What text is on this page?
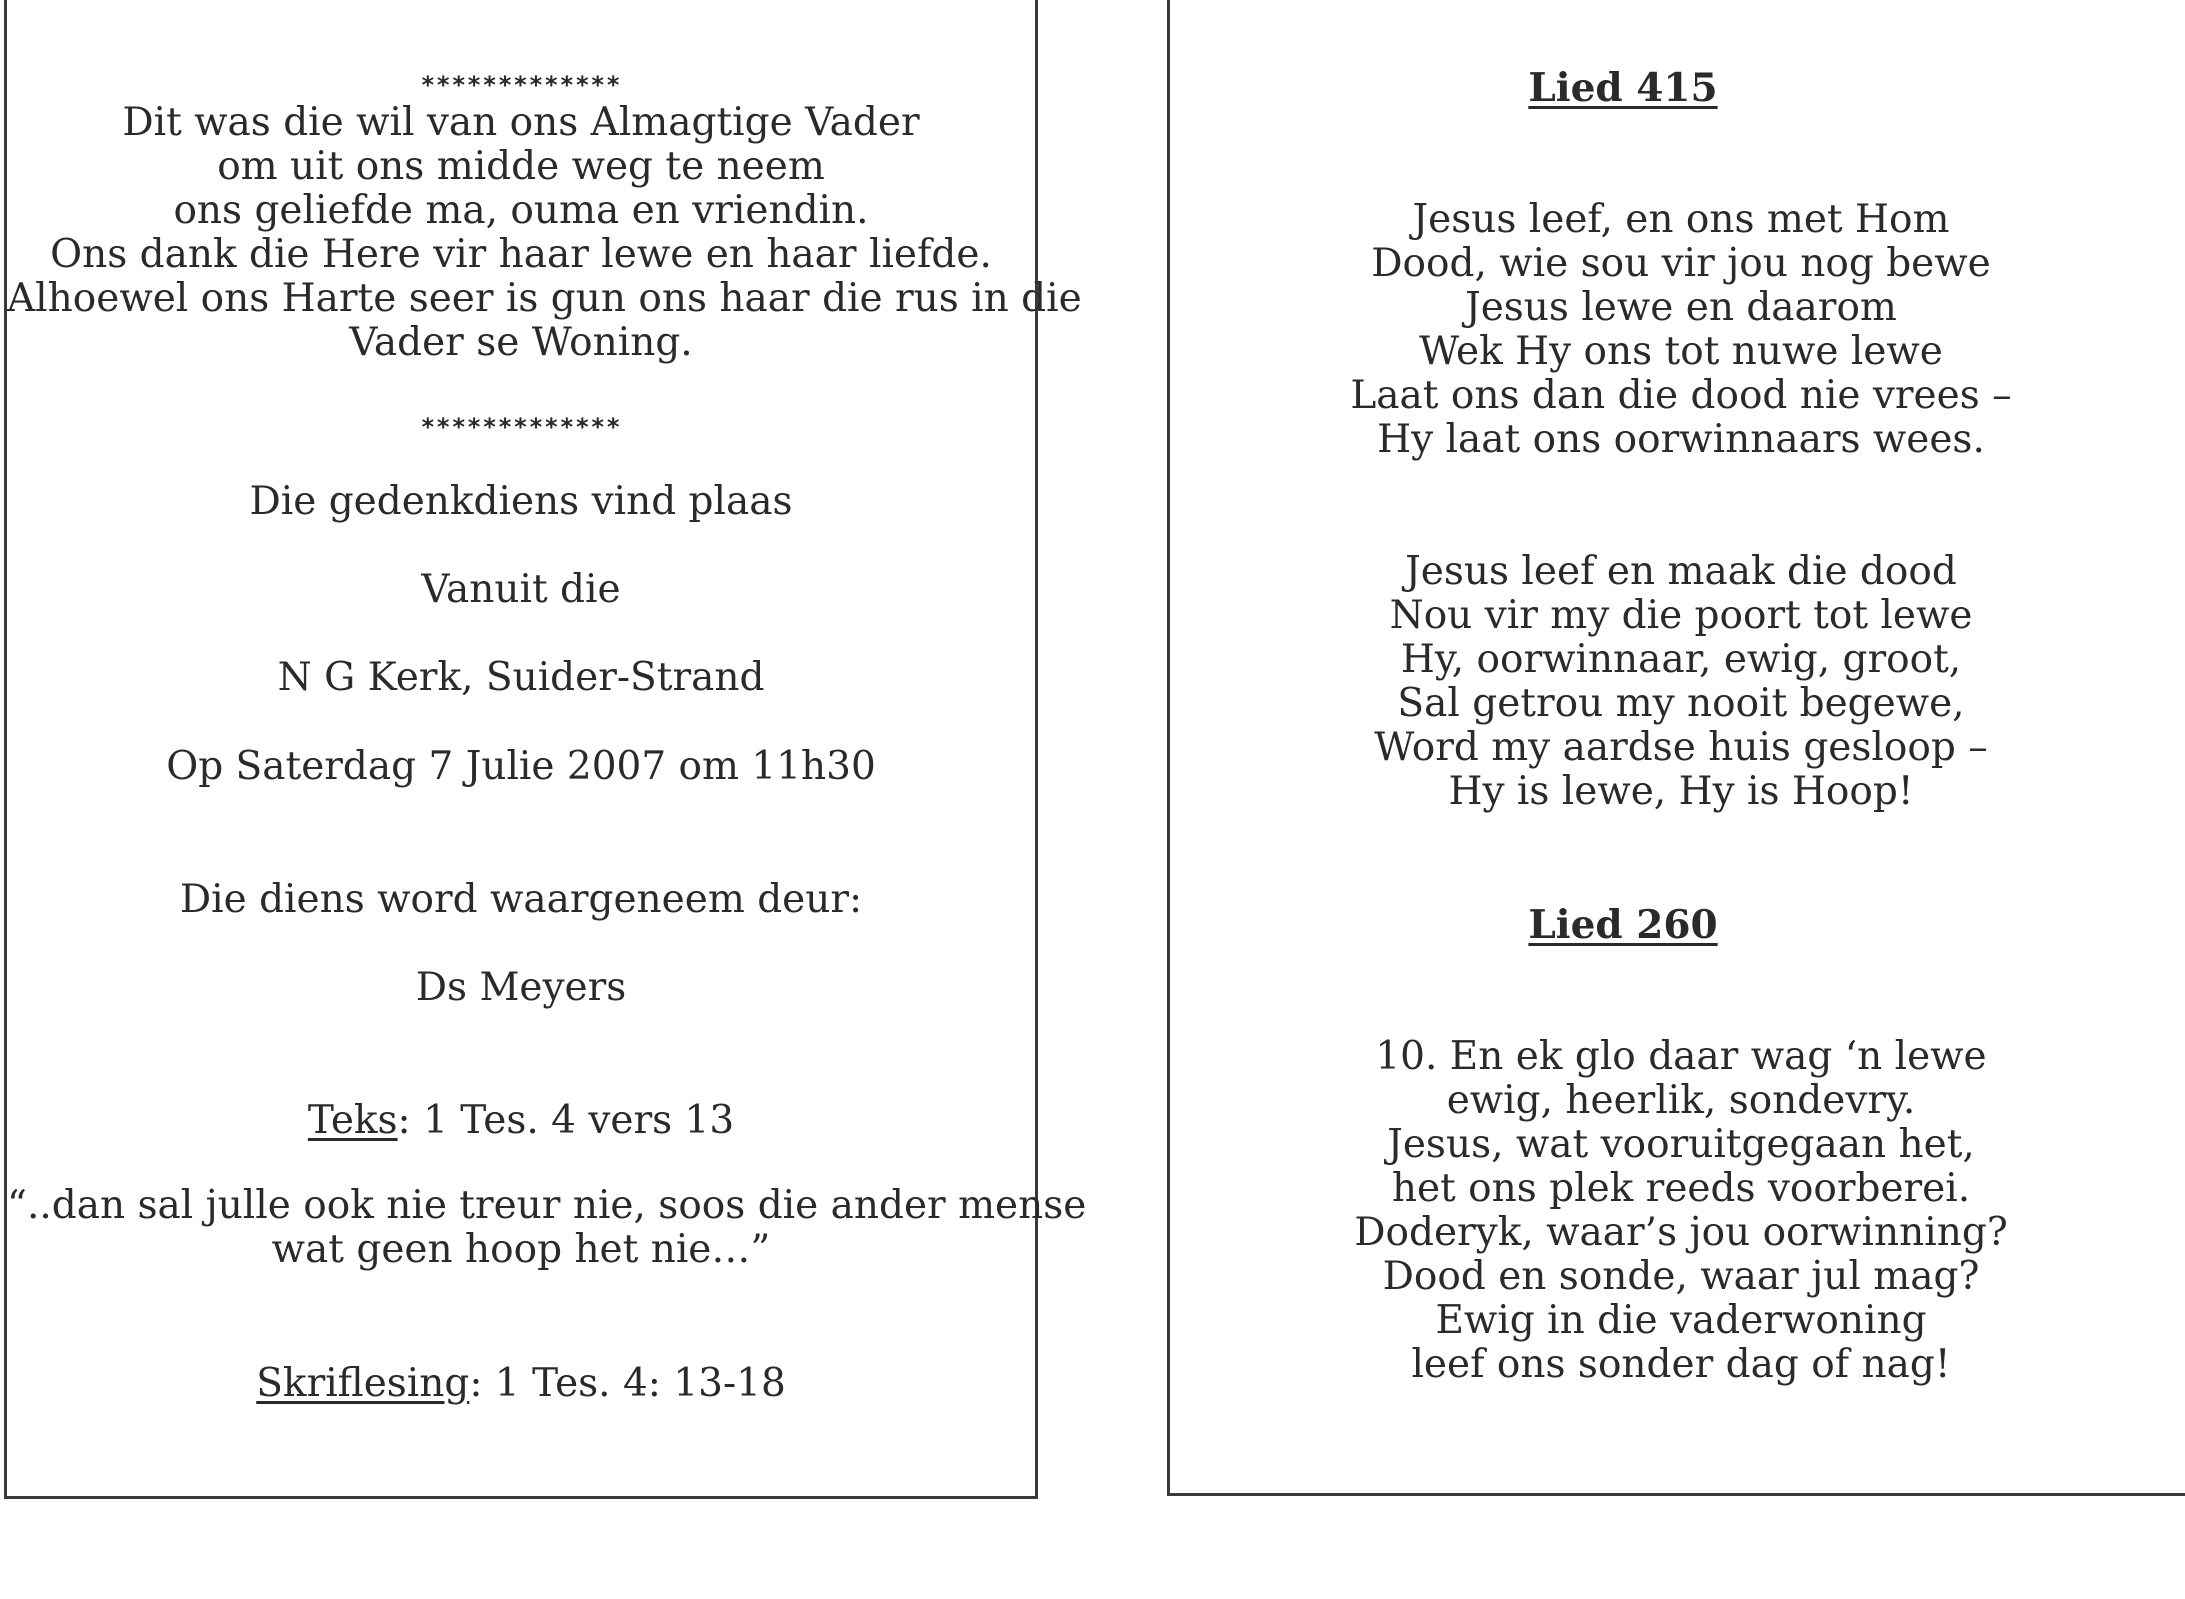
*************
Dit was die wil van ons Almagtige Vader
om uit ons midde weg te neem
ons geliefde ma, ouma en vriendin.
Ons dank die Here vir haar lewe en haar liefde.
Alhoewel ons Harte seer is gun ons haar die rus in die
Vader se Woning.
*************
Die gedenkdiens vind plaas
Vanuit die
N G Kerk, Suider-Strand
Op Saterdag 7 Julie 2007 om 11h30
Die diens word waargeneem deur:
Ds Meyers
Teks: 1 Tes. 4 vers 13
“..dan sal julle ook nie treur nie, soos die ander mense
wat geen hoop het nie…”
Skriflesing: 1 Tes. 4: 13-18
Lied 415
Jesus leef, en ons met Hom
Dood, wie sou vir jou nog bewe
Jesus lewe en daarom
Wek Hy ons tot nuwe lewe
Laat ons dan die dood nie vrees –
Hy laat ons oorwinnaars wees.
Jesus leef en maak die dood
Nou vir my die poort tot lewe
Hy, oorwinnaar, ewig, groot,
Sal getrou my nooit begewe,
Word my aardse huis gesloop –
Hy is lewe, Hy is Hoop!
Lied 260
10. En ek glo daar wag ‘n lewe
ewig, heerlik, sondevry.
Jesus, wat vooruitgegaan het,
het ons plek reeds voorberei.
Doderyk, waar’s jou oorwinning?
Dood en sonde, waar jul mag?
Ewig in die vaderwoning
leef ons sonder dag of nag!
